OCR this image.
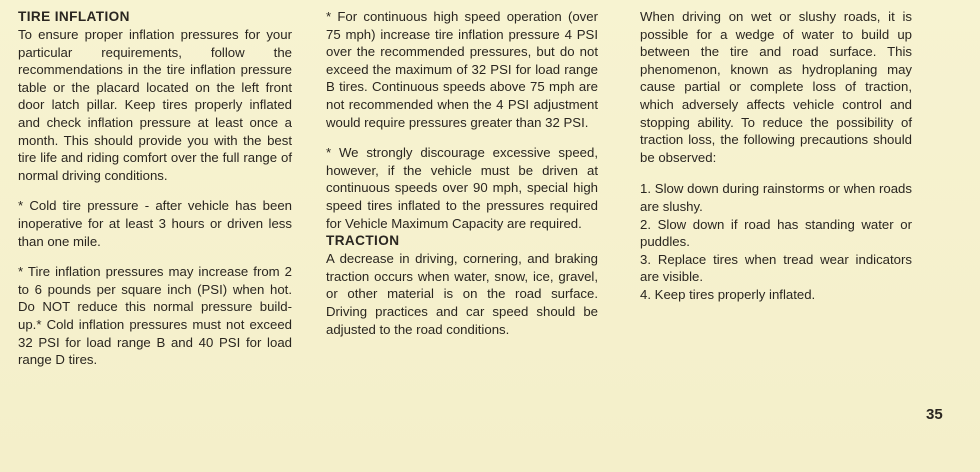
TIRE INFLATION

To ensure proper inflation pressures for your particular requirements, follow the recommendations in the tire inflation pressure table or the placard located on the left front door latch pillar. Keep tires properly inflated and check inflation pressure at least once a month. This should provide you with the best tire life and riding comfort over the full range of normal driving conditions.

* Cold tire pressure - after vehicle has been inoperative for at least 3 hours or driven less than one mile.

* Tire inflation pressures may increase from 2 to 6 pounds per square inch (PSI) when hot. Do NOT reduce this normal pressure build-up.* Cold inflation pressures must not exceed 32 PSI for load range B and 40 PSI for load range D tires.

* For continuous high speed operation (over 75 mph) increase tire inflation pressure 4 PSI over the recommended pressures, but do not exceed the maximum of 32 PSI for load range B tires. Continuous speeds above 75 mph are not recommended when the 4 PSI adjustment would require pressures greater than 32 PSI.

* We strongly discourage excessive speed, however, if the vehicle must be driven at continuous speeds over 90 mph, special high speed tires inflated to the pressures required for Vehicle Maximum Capacity are required.

TRACTION

A decrease in driving, cornering, and braking traction occurs when water, snow, ice, gravel, or other material is on the road surface. Driving practices and car speed should be adjusted to the road conditions.

When driving on wet or slushy roads, it is possible for a wedge of water to build up between the tire and road surface. This phenomenon, known as hydroplaning may cause partial or complete loss of traction, which adversely affects vehicle control and stopping ability. To reduce the possibility of traction loss, the following precautions should be observed:

1. Slow down during rainstorms or when roads are slushy.
2. Slow down if road has standing water or puddles.
3. Replace tires when tread wear indicators are visible.
4. Keep tires properly inflated.
35
